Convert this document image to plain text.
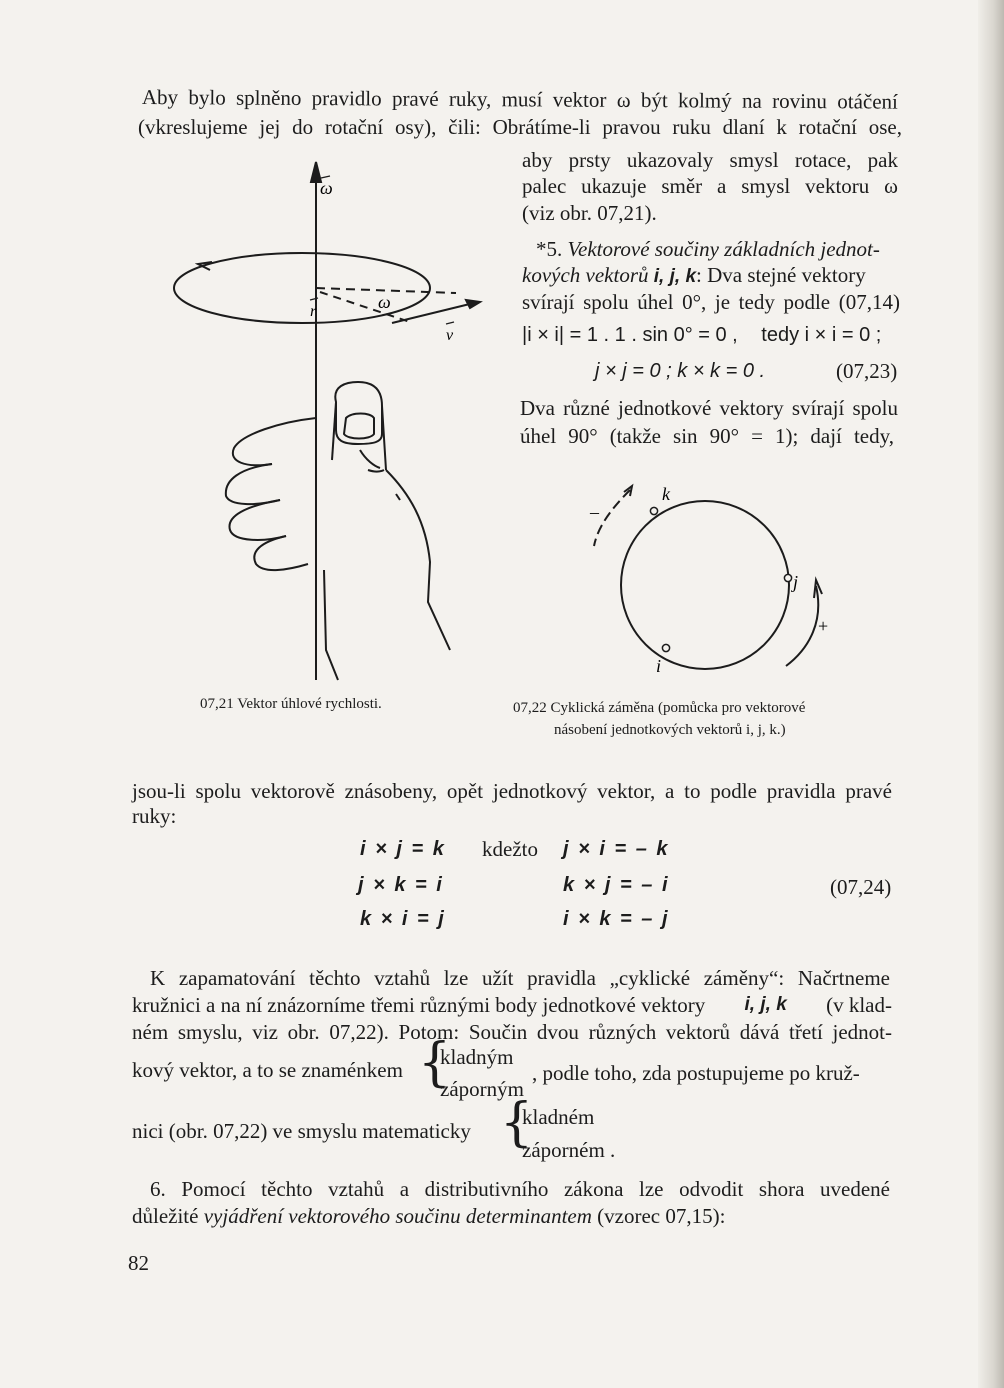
Aby bylo splněno pravidlo pravé ruky, musí vektor ω být kolmý na rovinu otáčení
(vkreslujeme jej do rotační osy), čili: Obrátíme-li pravou ruku dlaní k rotační ose,
aby prsty ukazovaly smysl rotace, pak
palec ukazuje směr a smysl vektoru ω
(viz obr. 07,21).
*5. Vektorové součiny základních jednot-
kových vektorů i, j, k: Dva stejné vektory
svírají spolu úhel 0°, je tedy podle (07,14)
|i × i| = 1 . 1 . sin 0° = 0 , tedy i × i = 0 ;
j × j = 0 ; k × k = 0 .	(07,23)
Dva různé jednotkové vektory svírají spolu
úhel 90° (takže sin 90° = 1); dají tedy,
ω
r	ω
v
07,21 Vektor úhlové rychlosti.
k
j
i
–
+
07,22 Cyklická záměna (pomůcka pro vektorové
násobení jednotkových vektorů i, j, k.)
jsou-li spolu vektorově znásobeny, opět jednotkový vektor, a to podle pravidla pravé
ruky:
i × j = k kdežto j × i = – k
j × k = i	k × j = – i	(07,24)
k × i = j	i × k = – j
K zapamatování těchto vztahů lze užít pravidla „cyklické záměny“: Načrtneme
kružnici a na ní znázorníme třemi různými body jednotkové vektory i, j, k (v klad-
ném smyslu, viz obr. 07,22). Potom: Součin dvou různých vektorů dává třetí jednot-
kový vektor, a to se znaménkem {
kladným
záporným
, podle toho, zda postupujeme po kruž-
nici (obr. 07,22) ve smyslu matematicky {
kladném
záporném .
6. Pomocí těchto vztahů a distributivního zákona lze odvodit shora uvedené
důležité vyjádření vektorového součinu determinantem (vzorec 07,15):
82
